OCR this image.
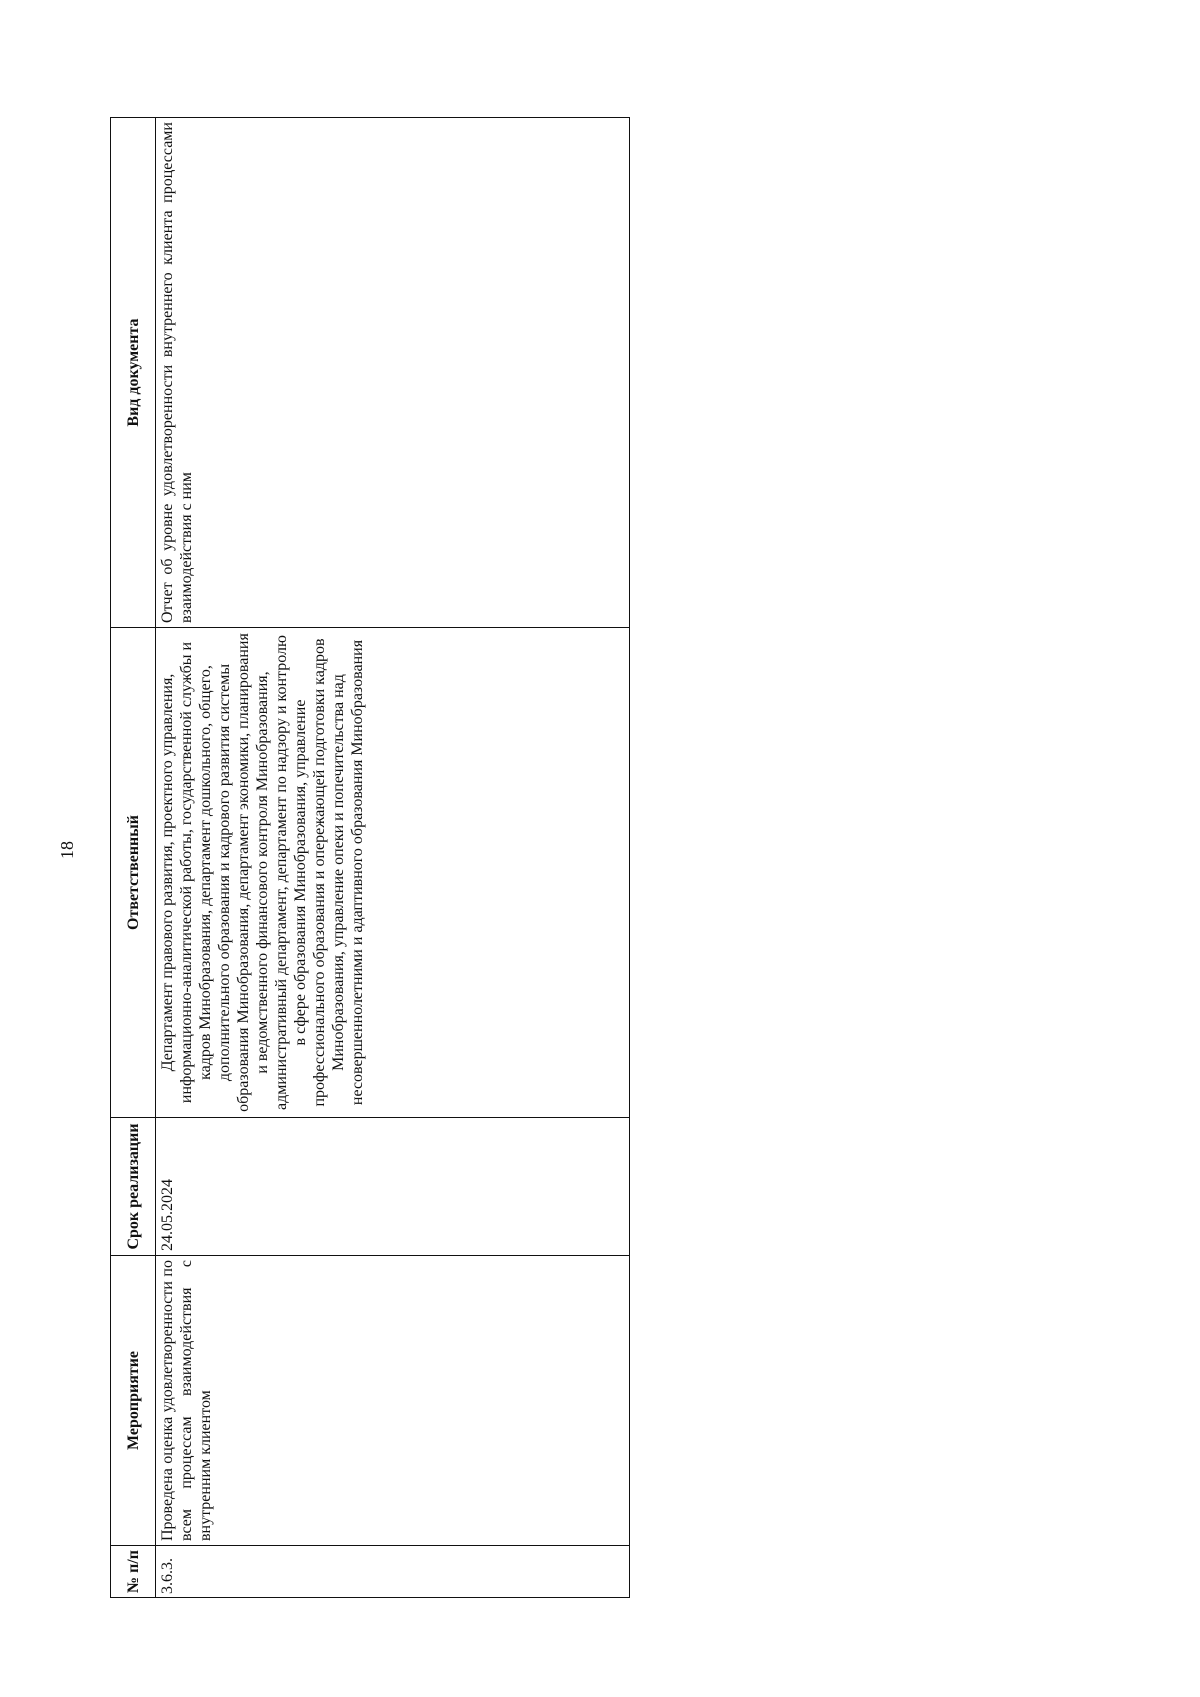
18
№ п/п	Мероприятие	Срок реализации	Ответственный	Вид документа
3.6.3.	Проведена оценка удовлетворенности по всем процессам взаимодействия с внутренним клиентом	24.05.2024	Департамент правового развития, проектного управления, информационно-аналитической работы, государственной службы и кадров Минобразования, департамент дошкольного, общего, дополнительного образования и кадрового развития системы образования Минобразования, департамент экономики, планирования и ведомственного финансового контроля Минобразования, административный департамент, департамент по надзору и контролю в сфере образования Минобразования, управление профессионального образования и опережающей подготовки кадров Минобразования, управление опеки и попечительства над несовершеннолетними и адаптивного образования Минобразования	Отчет об уровне удовлетворенности внутреннего клиента процессами взаимодействия с ним
